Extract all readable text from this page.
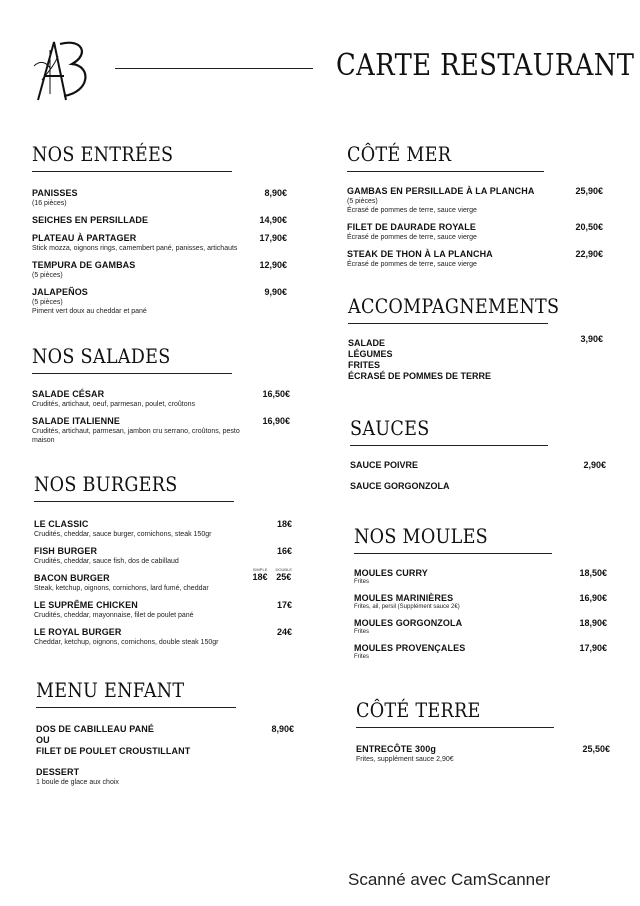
CARTE RESTAURANT
NOS ENTRÉES
PANISSES
(16 pièces)
8,90€
SEICHES EN PERSILLADE	14,90€
PLATEAU À PARTAGER
Stick mozza, oignons rings, camembert pané, panisses, artichauts
17,90€
TEMPURA DE GAMBAS
(5 pièces)
12,90€
JALAPEÑOS
(5 pièces)
Piment vert doux au cheddar et pané
9,90€
NOS SALADES
SALADE CÉSAR
Crudités, artichaut, oeuf, parmesan, poulet, croûtons
16,50€
SALADE ITALIENNE
Crudités, artichaut, parmesan, jambon cru serrano, croûtons, pesto maison
16,90€
NOS BURGERS
LE CLASSIC
Crudités, cheddar, sauce burger, cornichons, steak 150gr
18€
FISH BURGER
Crudités, cheddar, sauce fish, dos de cabillaud
16€
BACON BURGER
Steak, ketchup, oignons, cornichons, lard fumé, cheddar
SIMPLE
18€
DOUBLE
25€
LE SUPRÊME CHICKEN
Crudités, cheddar, mayonnaise, filet de poulet pané
17€
LE ROYAL BURGER
Cheddar, ketchup, oignons, cornichons, double steak 150gr
24€
MENU ENFANT
DOS DE CABILLEAU PANÉ
OU
FILET DE POULET CROUSTILLANT
8,90€
DESSERT
1 boule de glace aux choix
CÔTÉ MER
GAMBAS EN PERSILLADE À LA PLANCHA
(5 pièces)
Écrasé de pommes de terre, sauce vierge
25,90€
FILET DE DAURADE ROYALE
Écrasé de pommes de terre, sauce vierge
20,50€
STEAK DE THON À LA PLANCHA
Écrasé de pommes de terre, sauce vierge
22,90€
ACCOMPAGNEMENTS
SALADE
LÉGUMES
FRITES
ÉCRASÉ DE POMMES DE TERRE
3,90€
SAUCES
SAUCE POIVRE
SAUCE GORGONZOLA
2,90€
NOS MOULES
MOULES CURRY
Frites
18,50€
MOULES MARINIÈRES
Frites, ail, persil (Supplément sauce 2€)
16,90€
MOULES GORGONZOLA
Frites
18,90€
MOULES PROVENÇALES
Frites
17,90€
CÔTÉ TERRE
ENTRECÔTE 300g
Frites, supplément sauce 2,90€
25,50€
Scanné avec CamScanner
